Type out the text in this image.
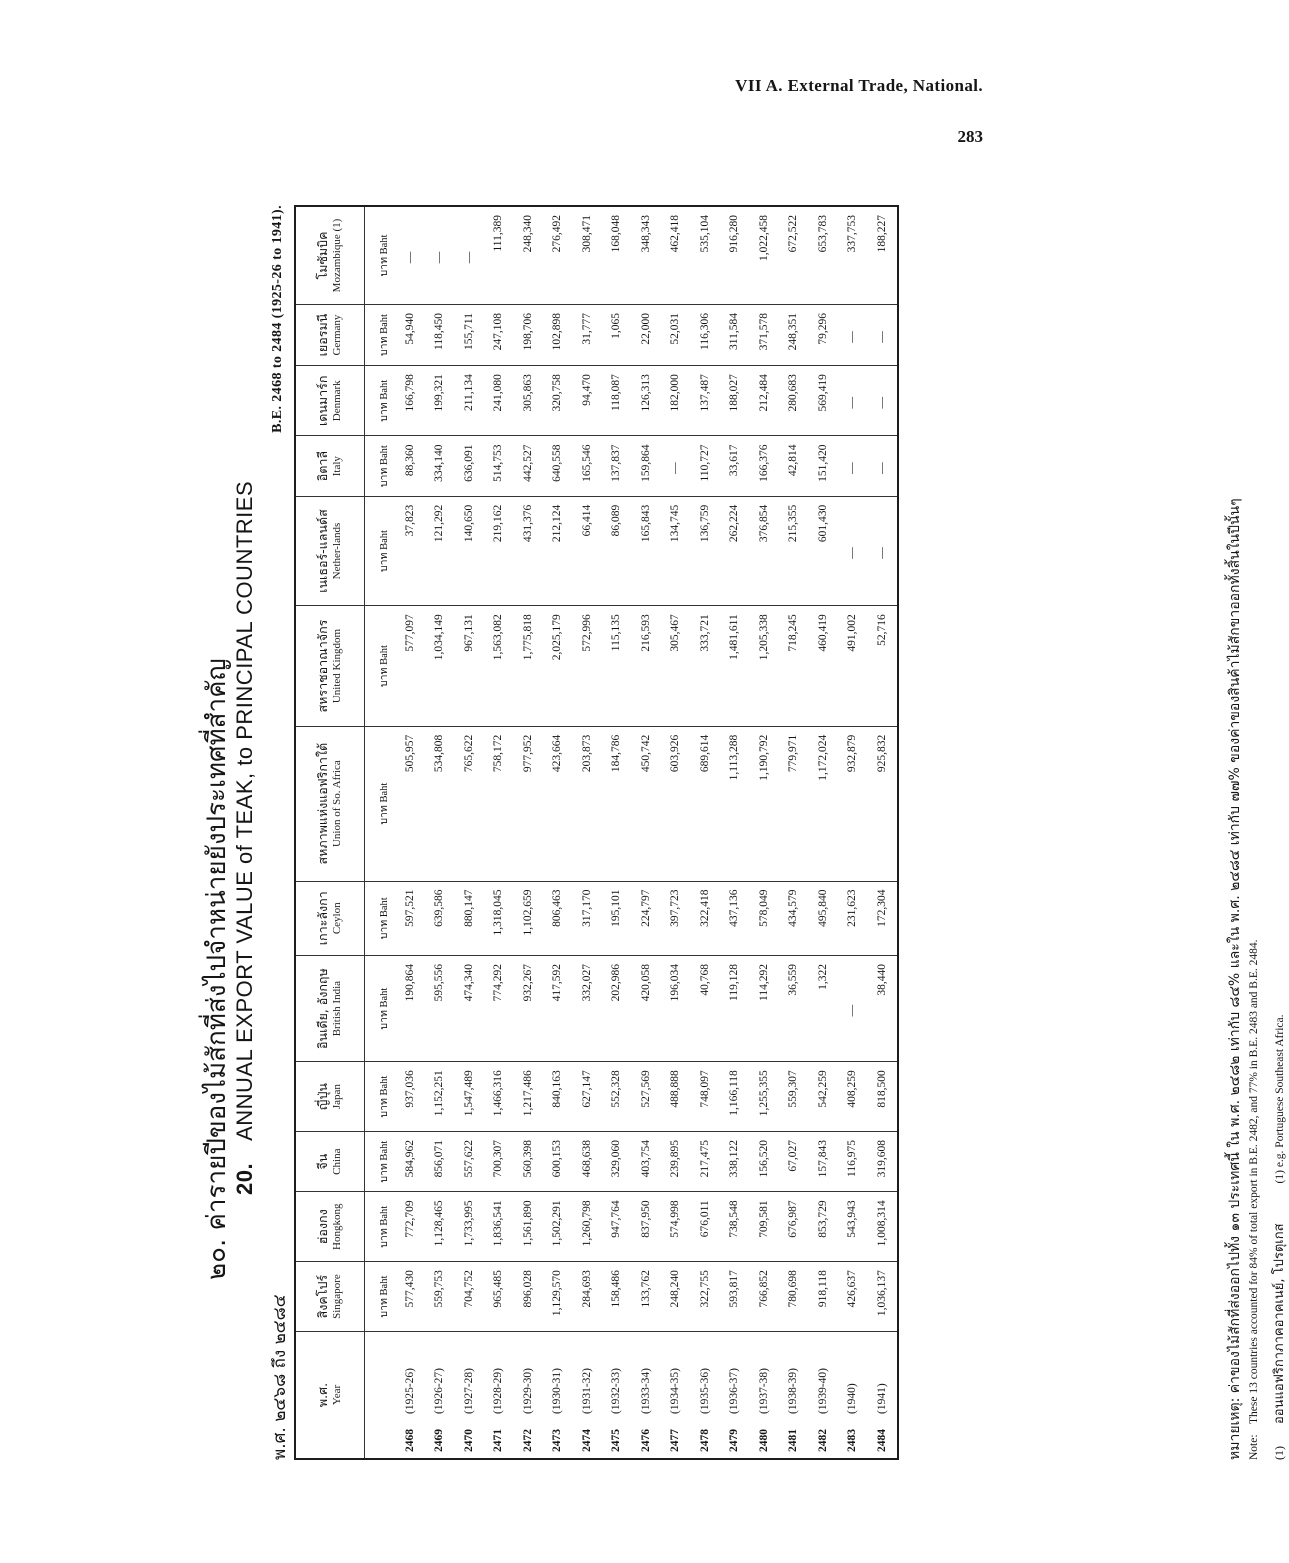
VII A. External Trade, National.
283
๒๐. ค่ารายปีของไม้สักที่ส่งไปจำหน่ายยังประเทศที่สำคัญ 20.ANNUAL EXPORT VALUE of TEAK, to PRINCIPAL COUNTRIES
พ.ศ. ๒๔๖๘ ถึง ๒๔๘๔
B.E. 2468 to 2484 (1925-26 to 1941).
พ.ศ. Year	สิงคโปร์ Singapore	ฮ่องกง Hongkong	จีน China	ญี่ปุ่น Japan	อินเดีย, อังกฤษ British India	เกาะลังกา Ceylon	สหภาพแห่งแอฟริกาใต้ Union of So. Africa	สหราชอาณาจักร United Kingdom	เนเธอร์-แลนด์ส Nether-lands	อิตาลี Italy	เดนมาร์ก Denmark	เยอรมนี Germany	โมซัมบิค Mozambique (1)

	บาท Baht	บาท Baht	บาท Baht	บาท Baht	บาท Baht	บาท Baht	บาท Baht	บาท Baht	บาท Baht	บาท Baht	บาท Baht	บาท Baht	บาท Baht
2468(1925-26)	577,430	772,709	584,962	937,036	190,864	597,521	505,957	577,097	37,823	88,360	166,798	54,940	—
2469(1926-27)	559,753	1,128,465	856,071	1,152,251	595,556	639,586	534,808	1,034,149	121,292	334,140	199,321	118,450	—
2470(1927-28)	704,752	1,733,995	557,622	1,547,489	474,340	880,147	765,622	967,131	140,650	636,091	211,134	155,711	—
2471(1928-29)	965,485	1,836,541	700,307	1,466,316	774,292	1,318,045	758,172	1,563,082	219,162	514,753	241,080	247,108	111,389
2472(1929-30)	896,028	1,561,890	560,398	1,217,486	932,267	1,102,659	977,952	1,775,818	431,376	442,527	305,863	198,706	248,340
2473(1930-31)	1,129,570	1,502,291	600,153	840,163	417,592	806,463	423,664	2,025,179	212,124	640,558	320,758	102,898	276,492
2474(1931-32)	284,693	1,260,798	468,638	627,147	332,027	317,170	203,873	572,996	66,414	165,546	94,470	31,777	308,471
2475(1932-33)	158,486	947,764	329,060	552,328	202,986	195,101	184,786	115,135	86,089	137,837	118,087	1,065	168,048
2476(1933-34)	133,762	837,950	403,754	527,569	420,058	224,797	450,742	216,593	165,843	159,864	126,313	22,000	348,343
2477(1934-35)	248,240	574,998	239,895	488,888	196,034	397,723	603,926	305,467	134,745	—	182,000	52,031	462,418
2478(1935-36)	322,755	676,011	217,475	748,097	40,768	322,418	689,614	333,721	136,759	110,727	137,487	116,306	535,104
2479(1936-37)	593,817	738,548	338,122	1,166,118	119,128	437,136	1,113,288	1,481,611	262,224	33,617	188,027	311,584	916,280
2480(1937-38)	766,852	709,581	156,520	1,255,355	114,292	578,049	1,190,792	1,205,338	376,854	166,376	212,484	371,578	1,022,458
2481(1938-39)	780,698	676,987	67,027	559,307	36,559	434,579	779,971	718,245	215,355	42,814	280,683	248,351	672,522
2482(1939-40)	918,118	853,729	157,843	542,259	1,322	495,840	1,172,024	460,419	601,430	151,420	569,419	79,296	653,783
2483(1940)	426,637	543,943	116,975	408,259	—	231,623	932,879	491,002	—	—	—	—	337,753
2484(1941)	1,036,137	1,008,314	319,608	818,500	38,440	172,304	925,832	52,716	—	—	—	—	188,227
หมายเหตุ: ค่าของไม้สักที่ส่งออกไปทั้ง ๑๓ ประเทศนี้ ใน พ.ศ. ๒๔๘๒ เท่ากับ ๘๔% และใน พ.ศ. ๒๔๘๔ เท่ากับ ๗๗% ของค่าของสินค้าไม้สักขาออกทั้งสิ้นในปีนั้นๆ Note:These 13 countries accounted for 84% of total export in B.E. 2482, and 77% in B.E. 2483 and B.E. 2484.
(1)ออนแอฟริกาภาคอาคเนย์, โปรตุเกส(1) e.g. Portuguese Southeast Africa.
